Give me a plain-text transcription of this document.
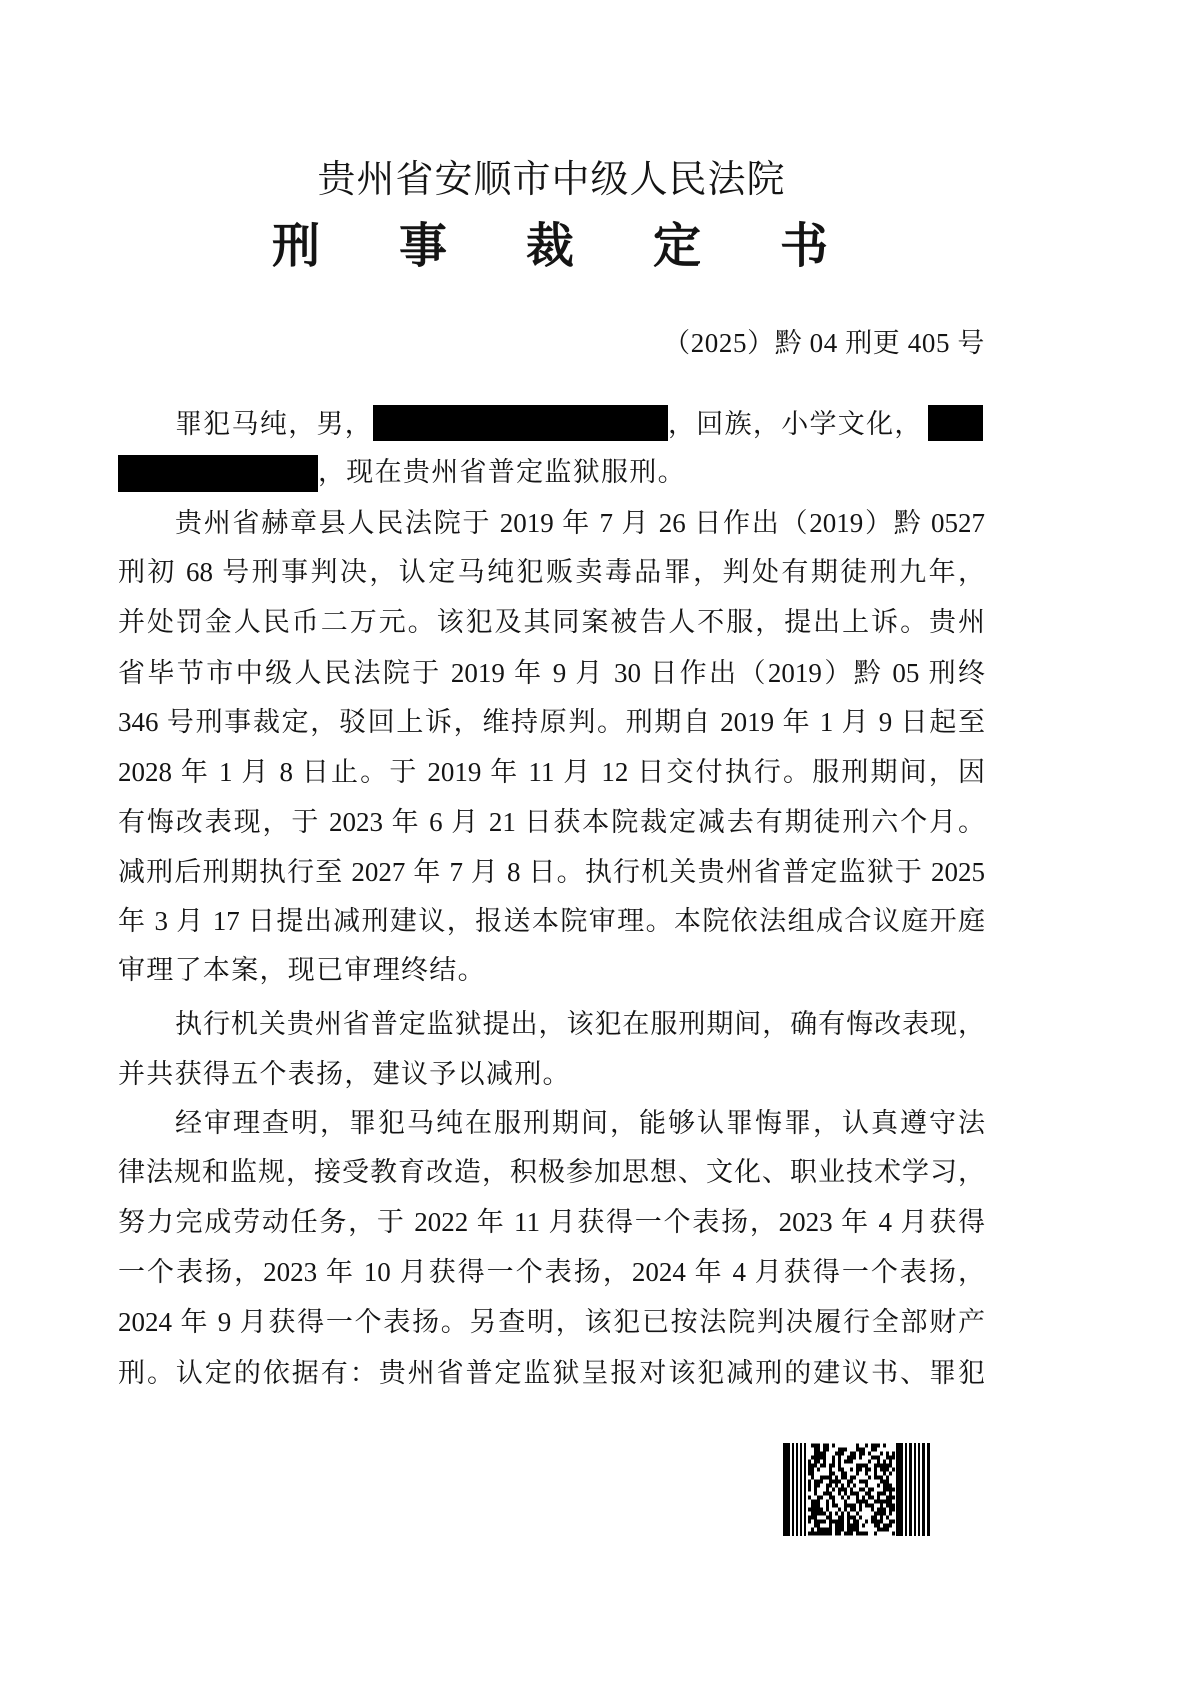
贵州省安顺市中级人民法院
刑事裁定书
（2025）黔 04 刑更 405 号
罪犯马纯，男，	，回族，小学文化，
，现在贵州省普定监狱服刑。
贵州省赫章县人民法院于 2019 年 7 月 26 日作出（2019）黔 0527
刑初 68 号刑事判决，认定马纯犯贩卖毒品罪，判处有期徒刑九年，
并处罚金人民币二万元。该犯及其同案被告人不服，提出上诉。贵州
省毕节市中级人民法院于 2019 年 9 月 30 日作出（2019）黔 05 刑终
346 号刑事裁定，驳回上诉，维持原判。刑期自 2019 年 1 月 9 日起至
2028 年 1 月 8 日止。于 2019 年 11 月 12 日交付执行。服刑期间，因
有悔改表现，于 2023 年 6 月 21 日获本院裁定减去有期徒刑六个月。
减刑后刑期执行至 2027 年 7 月 8 日。执行机关贵州省普定监狱于 2025
年 3 月 17 日提出减刑建议，报送本院审理。本院依法组成合议庭开庭
审理了本案，现已审理终结。
执行机关贵州省普定监狱提出，该犯在服刑期间，确有悔改表现，
并共获得五个表扬，建议予以减刑。
经审理查明，罪犯马纯在服刑期间，能够认罪悔罪，认真遵守法
律法规和监规，接受教育改造，积极参加思想、文化、职业技术学习，
努力完成劳动任务，于 2022 年 11 月获得一个表扬，2023 年 4 月获得
一个表扬，2023 年 10 月获得一个表扬，2024 年 4 月获得一个表扬，
2024 年 9 月获得一个表扬。另查明，该犯已按法院判决履行全部财产
刑。认定的依据有：贵州省普定监狱呈报对该犯减刑的建议书、罪犯
